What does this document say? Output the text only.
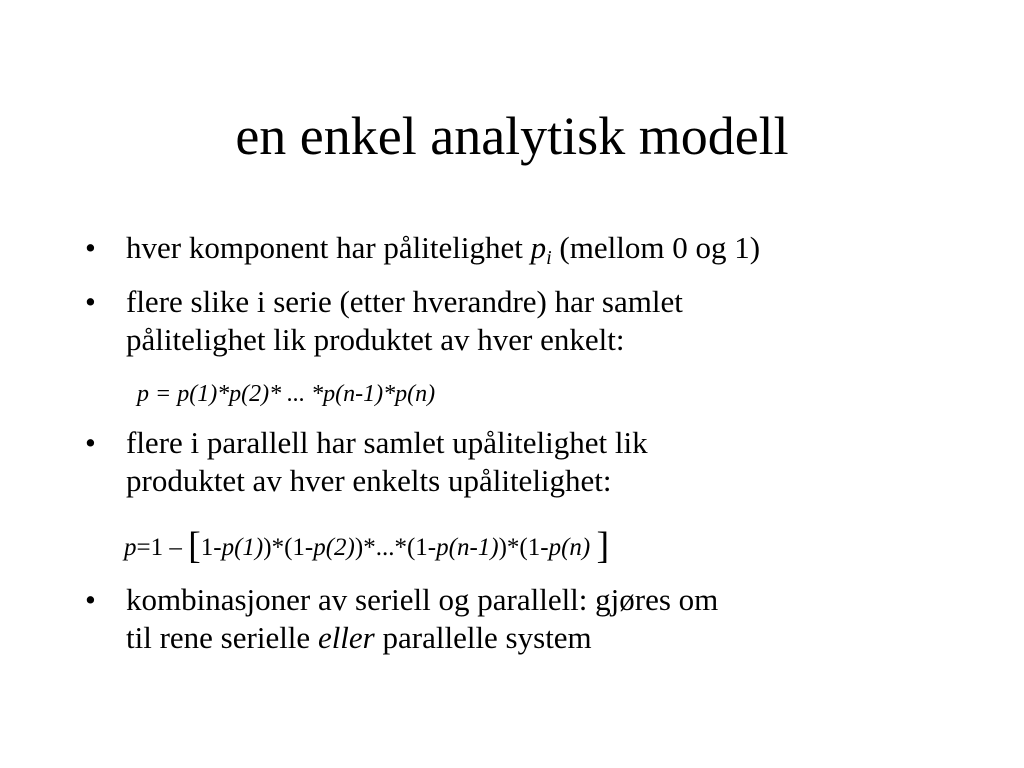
en enkel analytisk modell
• hver komponent har pålitelighet $p_i$ (mellom 0 og 1)
• flere slike i serie (etter hverandre) har samlet
pålitelighet lik produktet av hver enkelt:
p = p(1)*p(2)* ... *p(n-1)*p(n)
• flere i parallell har samlet upålitelighet lik
produktet av hver enkelts upålitelighet:
p=1 – [1-p(1))*(1-p(2))*...*(1-p(n-1))*(1-p(n) ]
• kombinasjoner av seriell og parallell: gjøres om
til rene serielle eller parallelle system
